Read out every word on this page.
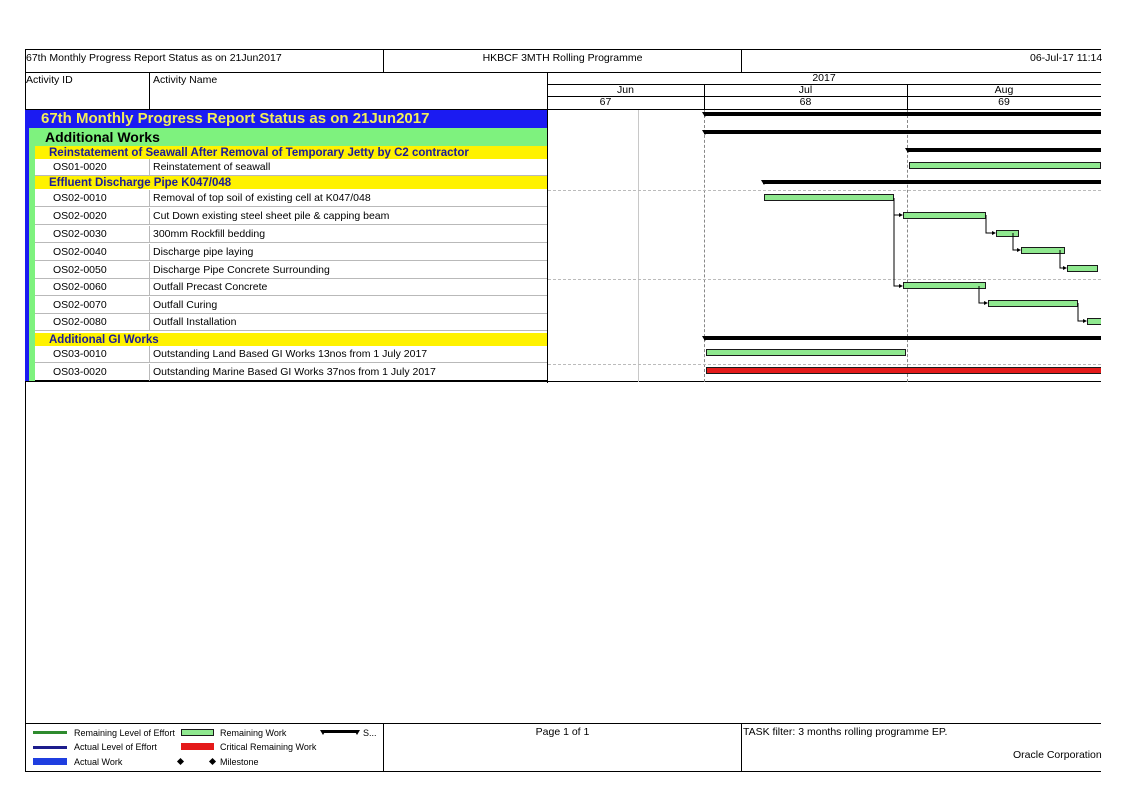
67th Monthly Progress Report Status as on 21Jun2017	HKBCF 3MTH Rolling Programme	06-Jul-17 11:14
Activity ID	Activity Name	2017
Jun	Jul	Aug
67	68	69
67th Monthly Progress Report Status as on 21Jun2017
Additional Works
Reinstatement of Seawall After Removal of Temporary Jetty by C2 contractor
OS01-0020	Reinstatement of seawall
Effluent Discharge Pipe K047/048
OS02-0010	Removal of top soil of existing cell at K047/048
OS02-0020	Cut Down existing steel sheet pile & capping beam
OS02-0030	300mm Rockfill bedding
OS02-0040	Discharge pipe laying
OS02-0050	Discharge Pipe Concrete Surrounding
OS02-0060	Outfall Precast Concrete
OS02-0070	Outfall Curing
OS02-0080	Outfall Installation
Additional GI Works
OS03-0010	Outstanding Land Based GI Works 13nos from 1 July 2017
OS03-0020	Outstanding Marine Based GI Works 37nos from 1 July 2017
Remaining Level of Effort
Actual Level of Effort
Actual Work
Remaining Work
Critical Remaining Work
Milestone
S...	Page 1 of 1	TASK filter: 3 months rolling programme EP.
Oracle Corporation
